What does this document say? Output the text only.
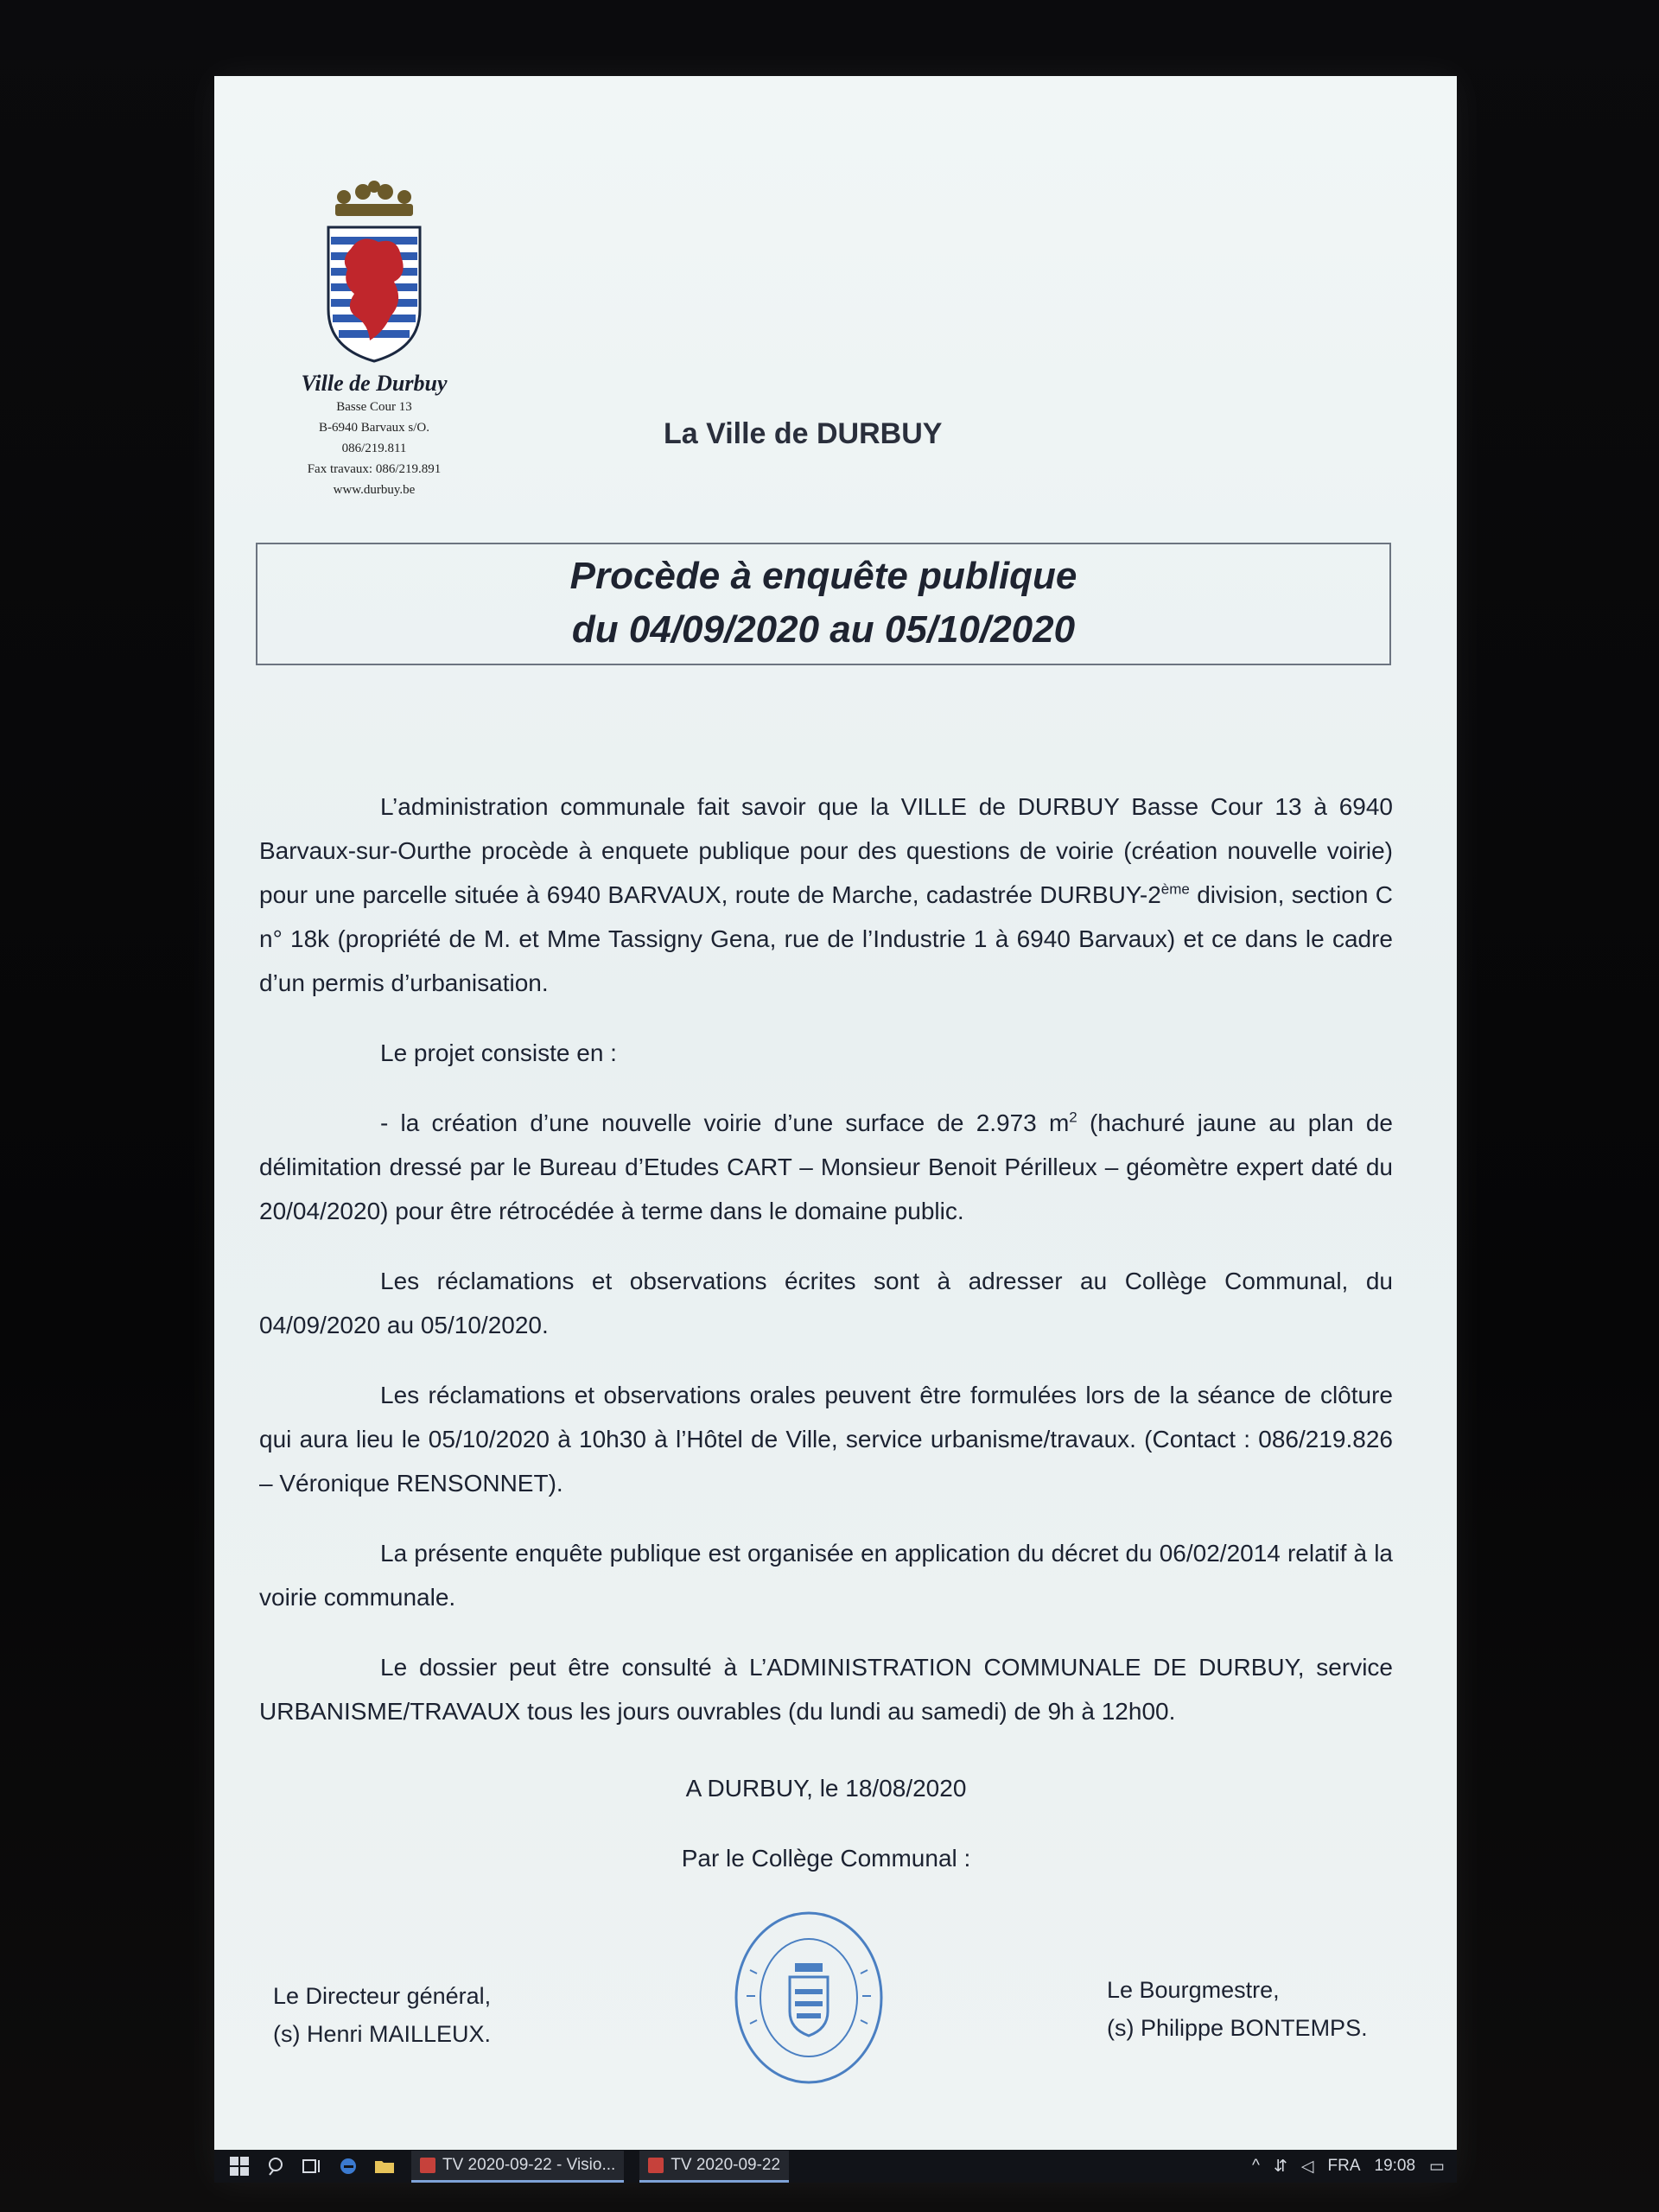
Ville de Durbuy
Basse Cour 13
B-6940 Barvaux s/O.
086/219.811
Fax travaux: 086/219.891
www.durbuy.be
La Ville de DURBUY
Procède à enquête publique
du 04/09/2020 au 05/10/2020

L’administration communale fait savoir que la VILLE de DURBUY Basse Cour 13 à 6940 Barvaux-sur-Ourthe procède à enquete publique pour des questions de voirie (création nouvelle voirie) pour une parcelle située à 6940 BARVAUX, route de Marche, cadastrée DURBUY-2ème division, section C n° 18k (propriété de M. et Mme Tassigny Gena, rue de l’Industrie 1 à 6940 Barvaux) et ce dans le cadre d’un permis d’urbanisation.

Le projet consiste en :

- la création d’une nouvelle voirie d’une surface de 2.973 $m^2$ (hachuré jaune au plan de délimitation dressé par le Bureau d’Etudes CART – Monsieur Benoit Périlleux – géomètre expert daté du 20/04/2020) pour être rétrocédée à terme dans le domaine public.

Les réclamations et observations écrites sont à adresser au Collège Communal, du 04/09/2020 au 05/10/2020.

Les réclamations et observations orales peuvent être formulées lors de la séance de clôture qui aura lieu le 05/10/2020 à 10h30 à l’Hôtel de Ville, service urbanisme/travaux. (Contact : 086/219.826 – Véronique RENSONNET).

La présente enquête publique est organisée en application du décret du 06/02/2014 relatif à la voirie communale.

Le dossier peut être consulté à L’ADMINISTRATION COMMUNALE DE DURBUY, service URBANISME/TRAVAUX tous les jours ouvrables (du lundi au samedi) de 9h à 12h00.

A DURBUY, le 18/08/2020

Par le Collège Communal :

Le Directeur général,
(s) Henri MAILLEUX.
Le Bourgmestre,
(s) Philippe BONTEMPS.
TV 2020-09-22 - Visio...	TV 2020-09-22	^ ⇵ ◁ FRA 19:08 ▭
